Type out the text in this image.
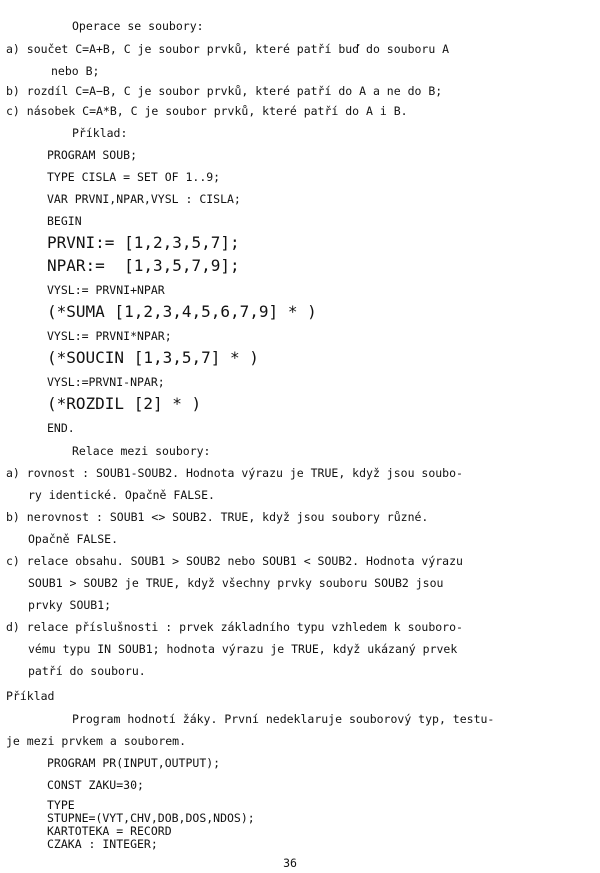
Operace se soubory:
a) součet C=A+B, C je soubor prvků, které patří buď do souboru A
nebo B;
b) rozdíl C=A−B, C je soubor prvků, které patří do A a ne do B;
c) násobek C=A*B, C je soubor prvků, které patří do A i B.
Příklad:
PROGRAM SOUB;
TYPE CISLA = SET OF 1..9;
VAR PRVNI,NPAR,VYSL : CISLA;
BEGIN
PRVNI:= [1,2,3,5,7];
NPAR:=  [1,3,5,7,9];
VYSL:= PRVNI+NPAR
(*SUMA [1,2,3,4,5,6,7,9] * )
VYSL:= PRVNI*NPAR;
(*SOUCIN [1,3,5,7] * )
VYSL:=PRVNI-NPAR;
(*ROZDIL [2] * )
END.
Relace mezi soubory:
a) rovnost : SOUB1-SOUB2. Hodnota výrazu je TRUE, když jsou soubo-
ry identické. Opačně FALSE.
b) nerovnost : SOUB1 <> SOUB2. TRUE, když jsou soubory různé.
Opačně FALSE.
c) relace obsahu. SOUB1 > SOUB2 nebo SOUB1 < SOUB2. Hodnota výrazu
SOUB1 > SOUB2 je TRUE, když všechny prvky souboru SOUB2 jsou
prvky SOUB1;
d) relace příslušnosti : prvek základního typu vzhledem k souboro-
vému typu IN SOUB1; hodnota výrazu je TRUE, když ukázaný prvek
patří do souboru.
Příklad
Program hodnotí žáky. První nedeklaruje souborový typ, testu-
je mezi prvkem a souborem.
PROGRAM PR(INPUT,OUTPUT);
CONST ZAKU=30;
TYPE
STUPNE=(VYT,CHV,DOB,DOS,NDOS);
KARTOTEKA = RECORD
CZAKA : INTEGER;
36
